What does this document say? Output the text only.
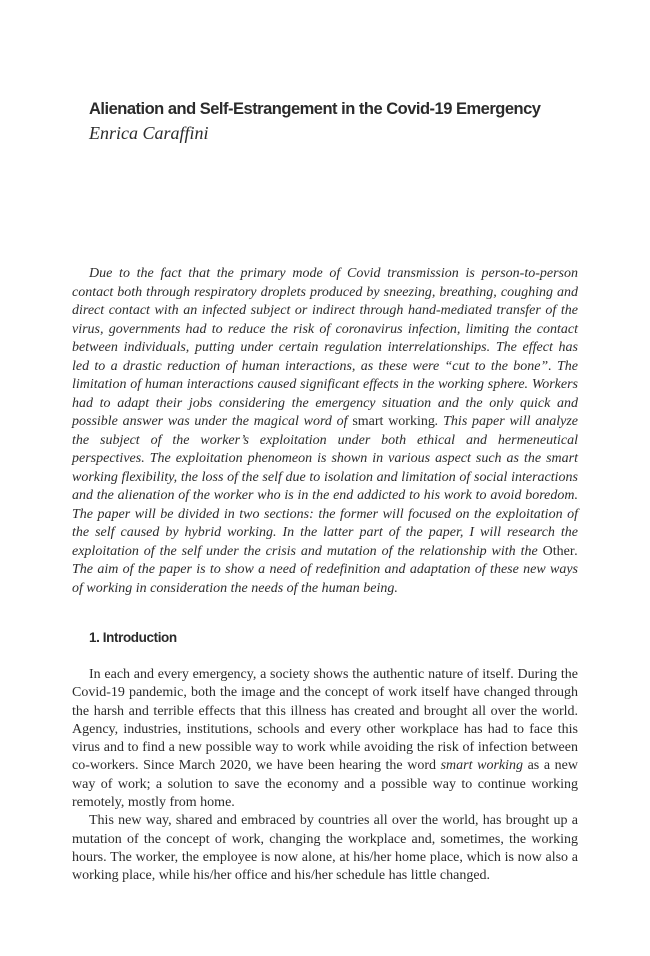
Alienation and Self-Estrangement in the Covid-19 Emergency

Enrica Caraffini

Due to the fact that the primary mode of Covid transmission is person-to-person contact both through respiratory droplets produced by sneezing, breathing, coughing and direct contact with an infected subject or indirect through hand-mediated transfer of the virus, governments had to reduce the risk of coronavirus infection, limiting the contact between individuals, putting under certain regulation interrelationships. The effect has led to a drastic reduction of human interactions, as these were “cut to the bone”. The limitation of human interactions caused significant effects in the working sphere. Workers had to adapt their jobs considering the emergency situation and the only quick and possible answer was under the magical word of smart working. This paper will analyze the subject of the worker’s exploitation under both ethical and hermeneutical perspectives. The exploitation phenomeon is shown in various aspect such as the smart working flexibility, the loss of the self due to isolation and limitation of social interactions and the alienation of the worker who is in the end addicted to his work to avoid boredom. The paper will be divided in two sections: the former will focused on the exploitation of the self caused by hybrid working. In the latter part of the paper, I will research the exploitation of the self under the crisis and mutation of the relationship with the Other. The aim of the paper is to show a need of redefinition and adaptation of these new ways of working in consideration the needs of the human being.

1. Introduction

In each and every emergency, a society shows the authentic nature of itself. During the Covid-19 pandemic, both the image and the concept of work itself have changed through the harsh and terrible effects that this illness has created and brought all over the world. Agency, industries, institutions, schools and every other workplace has had to face this virus and to find a new possible way to work while avoiding the risk of infection between co-workers. Since March 2020, we have been hearing the word smart working as a new way of work; a solution to save the economy and a possible way to continue working remotely, mostly from home.

This new way, shared and embraced by countries all over the world, has brought up a mutation of the concept of work, changing the workplace and, sometimes, the working hours. The worker, the employee is now alone, at his/her home place, which is now also a working place, while his/her office and his/her schedule has little changed.
